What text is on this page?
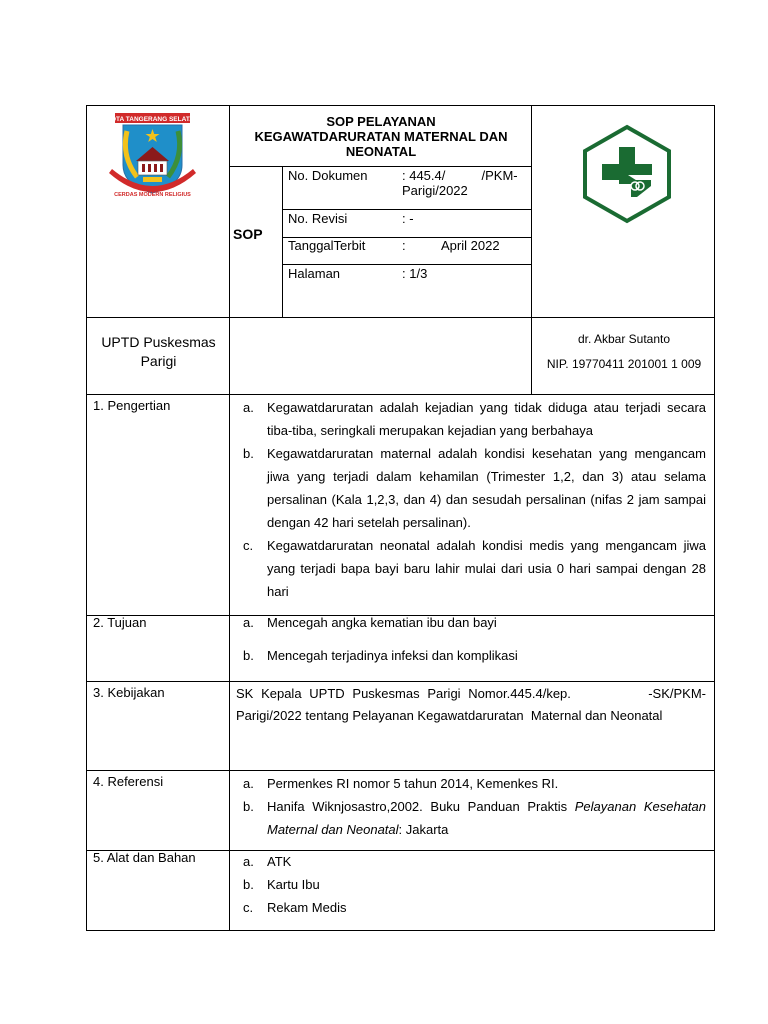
KOTA TANGERANG SELATAN
CERDAS MODERN RELIGIUS
SOP PELAYANAN
KEGAWATDARURATAN MATERNAL DAN
NEONATAL
SOP
No. Dokumen	: 445.4/          /PKM-
Parigi/2022
No. Revisi	: -
TanggalTerbit	:          April 2022
Halaman	: 1/3
UPTD Puskesmas
Parigi
dr. Akbar Sutanto
NIP. 19770411 201001 1 009
1. Pengertian	a. Kegawatdaruratan adalah kejadian yang tidak diduga atau terjadi secara tiba-tiba, seringkali merupakan kejadian yang berbahaya
b. Kegawatdaruratan maternal adalah kondisi kesehatan yang mengancam jiwa yang terjadi dalam kehamilan (Trimester 1,2, dan 3) atau selama persalinan (Kala 1,2,3, dan 4) dan sesudah persalinan (nifas 2 jam sampai dengan 42 hari setelah persalinan).
c. Kegawatdaruratan neonatal adalah kondisi medis yang mengancam jiwa yang terjadi bapa bayi baru lahir mulai dari usia 0 hari sampai dengan 28 hari
2. Tujuan	a. Mencegah angka kematian ibu dan bayi
b. Mencegah terjadinya infeksi dan komplikasi
3. Kebijakan	SK Kepala UPTD Puskesmas Parigi Nomor.445.4/kep.          -SK/PKM-Parigi/2022 tentang Pelayanan Kegawatdaruratan  Maternal dan Neonatal
4. Referensi	a. Permenkes RI nomor 5 tahun 2014, Kemenkes RI.
b. Hanifa Wiknjosastro,2002. Buku Panduan Praktis Pelayanan Kesehatan Maternal dan Neonatal: Jakarta
5. Alat dan Bahan	a. ATK
b. Kartu Ibu
c. Rekam Medis
